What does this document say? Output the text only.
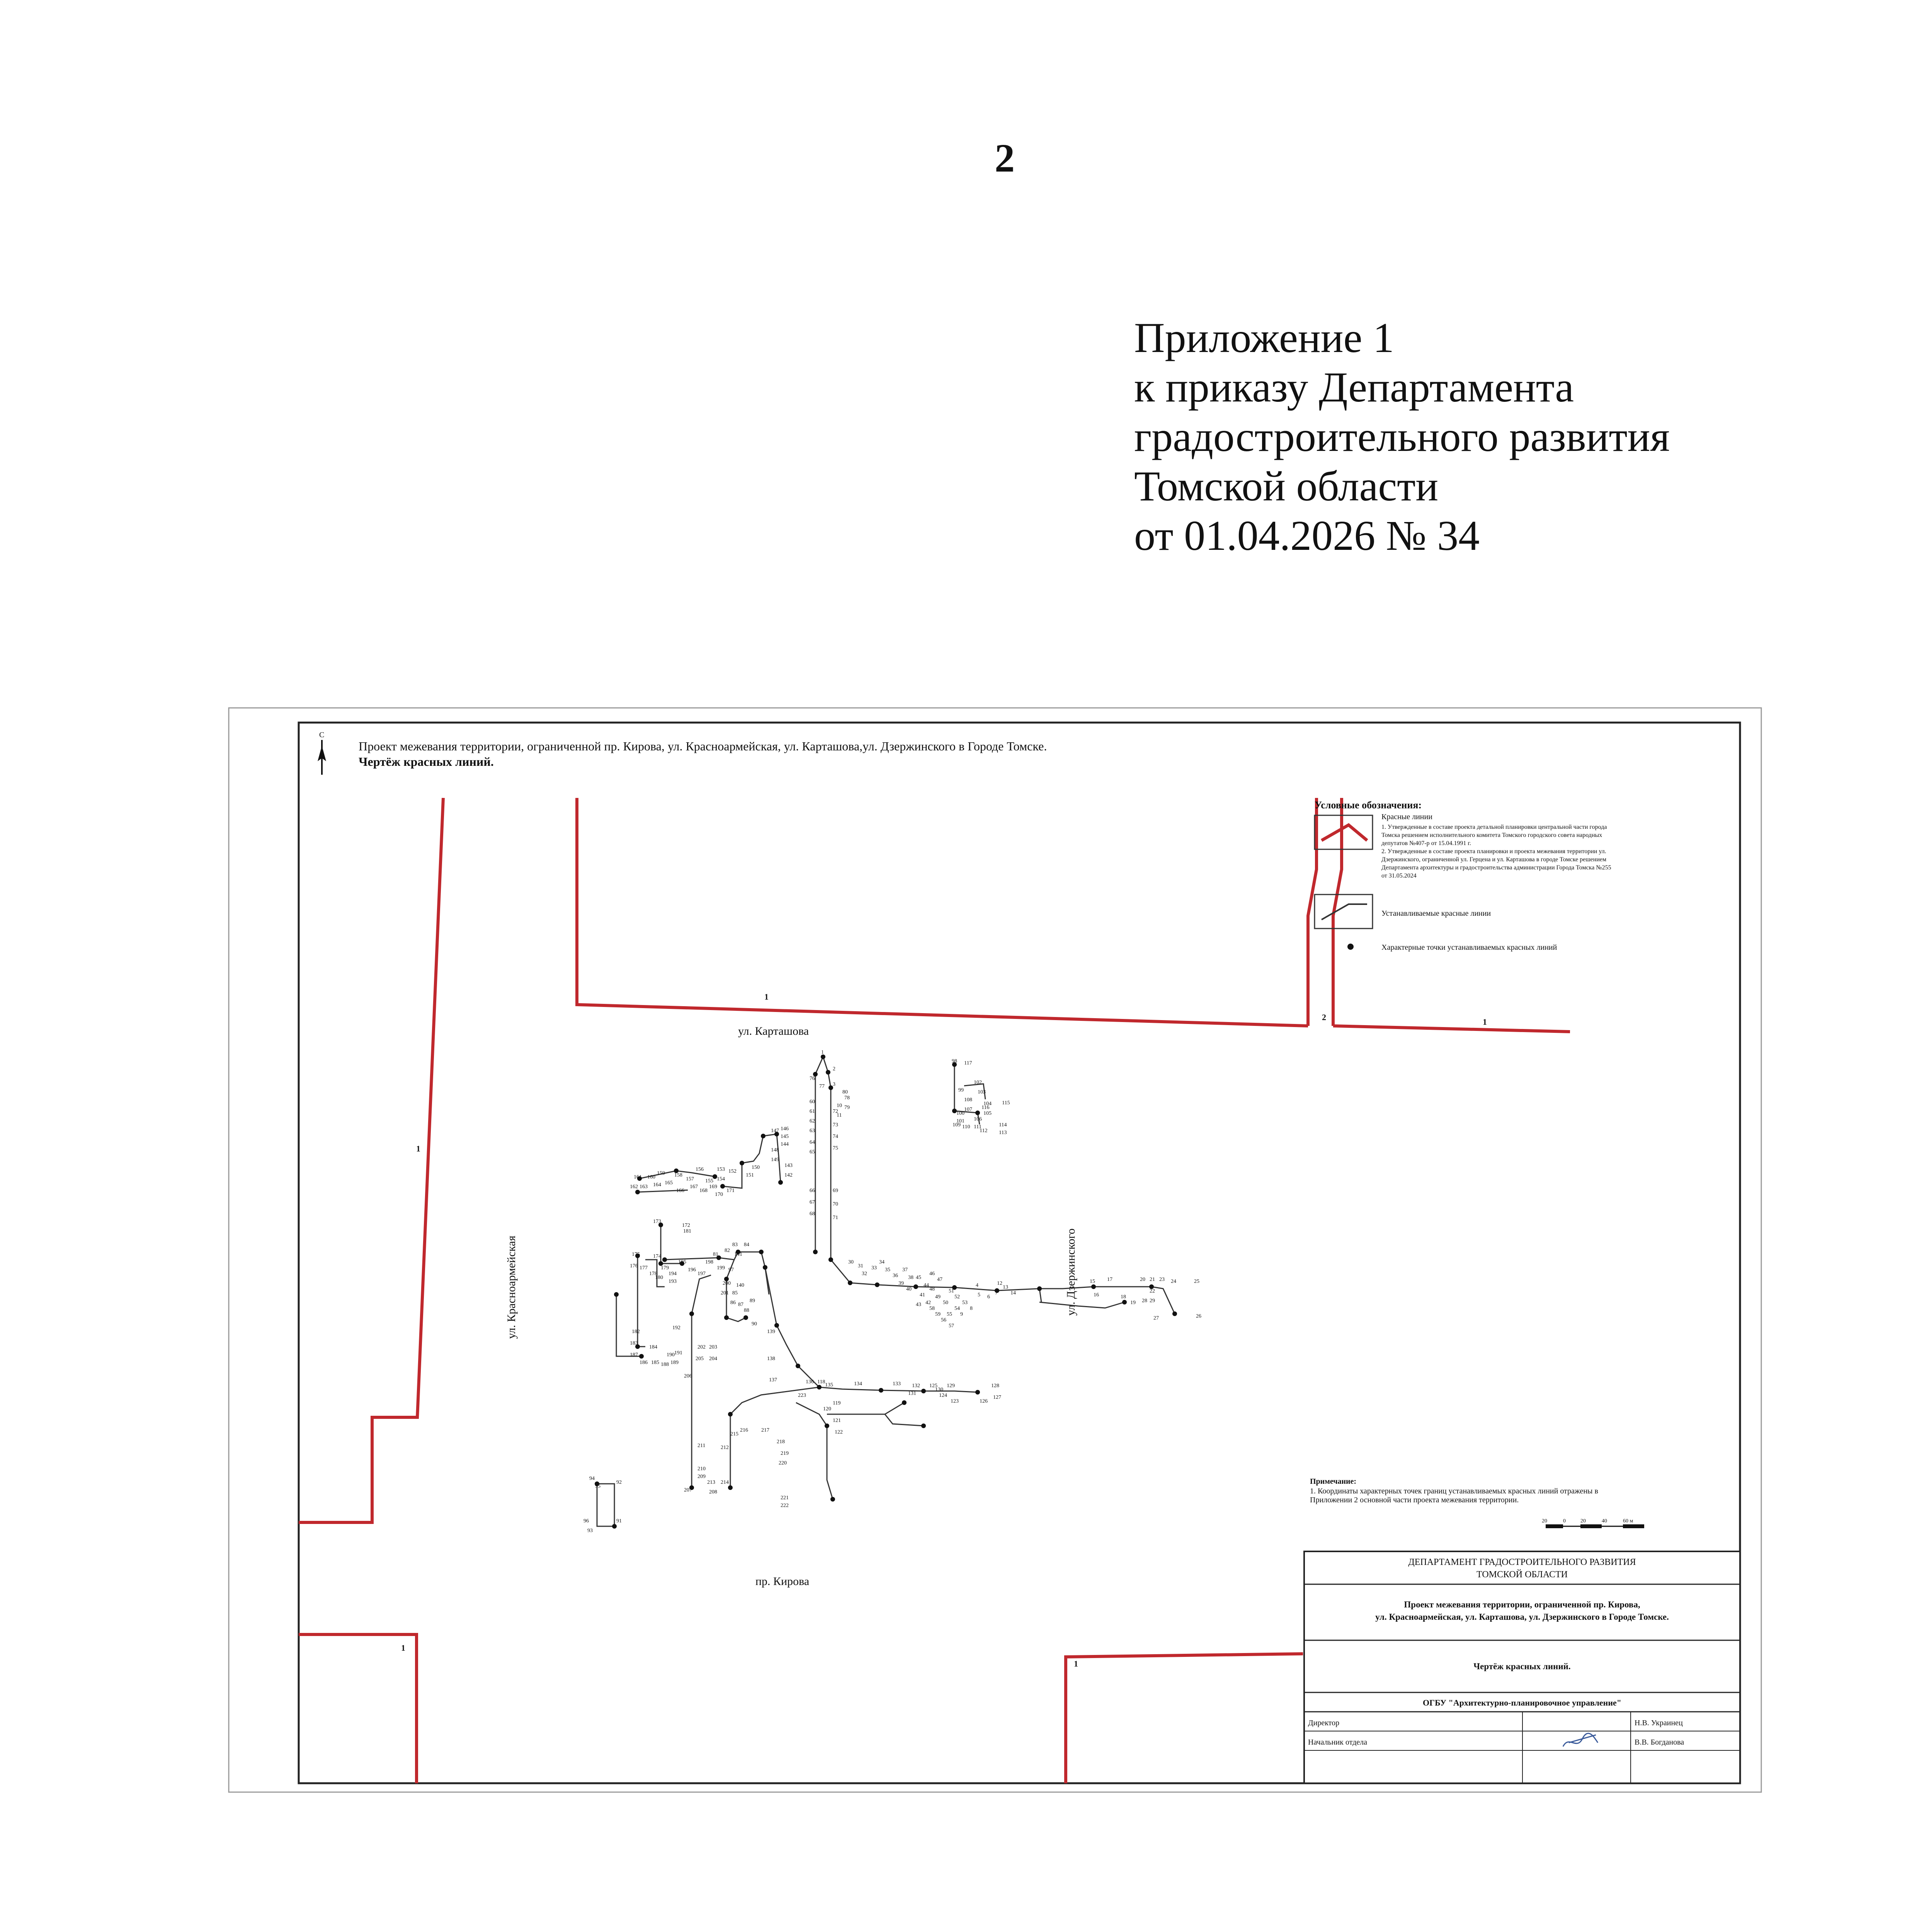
2
Приложение 1
к приказу Департамента
градостроительного развития
Томской области
от 01.04.2026 № 34
С
Проект межевания территории, ограниченной пр. Кирова, ул. Красноармейская, ул. Карташова,ул. Дзержинского в Городе Томске.
Чертёж красных линий.
1
2	1
1
1
1
ул. Карташова
ул. Красноармейская	ул. Дзержинского
пр. Кирова
1
2
3
10
11
60
61
62
63
64
65
66
67
68
69
70
71
72
73
74
75
76
77
78
79
80
98
99
100
101
102
103
104
105
106
107
108
109 110 111
112 113
114
115
116
117
147 146
145
144
148
149
143
142
150
151
152
153
154
155
156
157
158
159
160
161
162 163 164 165
166
167
168
169
170
171
172
173
174
175
176 177
178
179
180
181
182
183
184
185
186
187
188 189
190 191
192
193
194
195
196
197
198
199
200
201
202 203
204
205
206
207	208
209
210
211	212
213 214
215
216 217
218
219
220
221
222
223
81
82
83 84
85
86 87
88
89
90
91
92
93
94
95
96
97
137
138
139
140
141
30
31
32
33
34
35
36
37
38
39
40
41
42
43
44
45
46
47
48
49
50
51
52
53
54
55
56
57
58
59
4
5 6
7
8
9
12
13
14
15
16
17
18
19
20 21
22
23 24	25
26
27
28 29
118
119
120
121
122
123
124
125
126
127
128
129
130
131
132
133
134
135
136
Условные обозначения:
Красные линии
1. Утвержденные в составе проекта детальной планировки центральной части города
Томска решением исполнительного комитета Томского городского совета народных
депутатов №407-р от 15.04.1991 г.
2. Утвержденные в составе проекта планировки и проекта межевания территории ул.
Дзержинского, ограниченной ул. Герцена и ул. Карташова в городе Томске решением
Департамента архитектуры и градостроительства администрации Города Томска №255
от 31.05.2024
Устанавливаемые красные линии
Характерные точки устанавливаемых красных линий
Примечание:
1. Координаты характерных точек границ устанавливаемых красных линий отражены в
Приложении 2 основной части проекта межевания территории.
20	0	20	40	60 м
ДЕПАРТАМЕНТ ГРАДОСТРОИТЕЛЬНОГО РАЗВИТИЯ
ТОМСКОЙ ОБЛАСТИ
Проект межевания территории, ограниченной пр. Кирова,
ул. Красноармейская, ул. Карташова, ул. Дзержинского в Городе Томске.
Чертёж красных линий.
ОГБУ "Архитектурно-планировочное управление"
Директор	Н.В. Украинец
Начальник отдела	В.В. Богданова
